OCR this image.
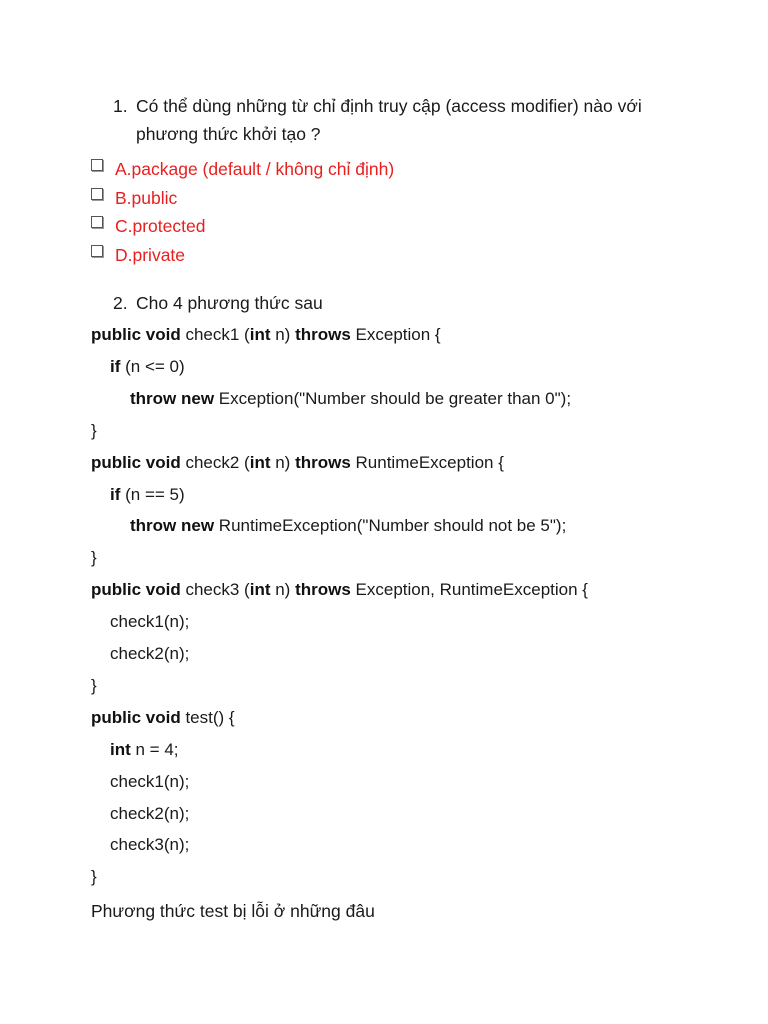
1. Có thể dùng những từ chỉ định truy cập (access modifier) nào với phương thức khởi tạo ?
A.package (default / không chỉ định)
B.public
C.protected
D.private
2. Cho 4 phương thức sau
public void check1 (int n) throws Exception {
if (n <= 0)
throw new Exception("Number should be greater than 0");
}
public void check2 (int n) throws RuntimeException {
if (n == 5)
throw new RuntimeException("Number should not be 5");
}
public void check3 (int n) throws Exception, RuntimeException {
check1(n);
check2(n);
}
public void test() {
int n = 4;
check1(n);
check2(n);
check3(n);
}
Phương thức test bị lỗi ở những đâu
